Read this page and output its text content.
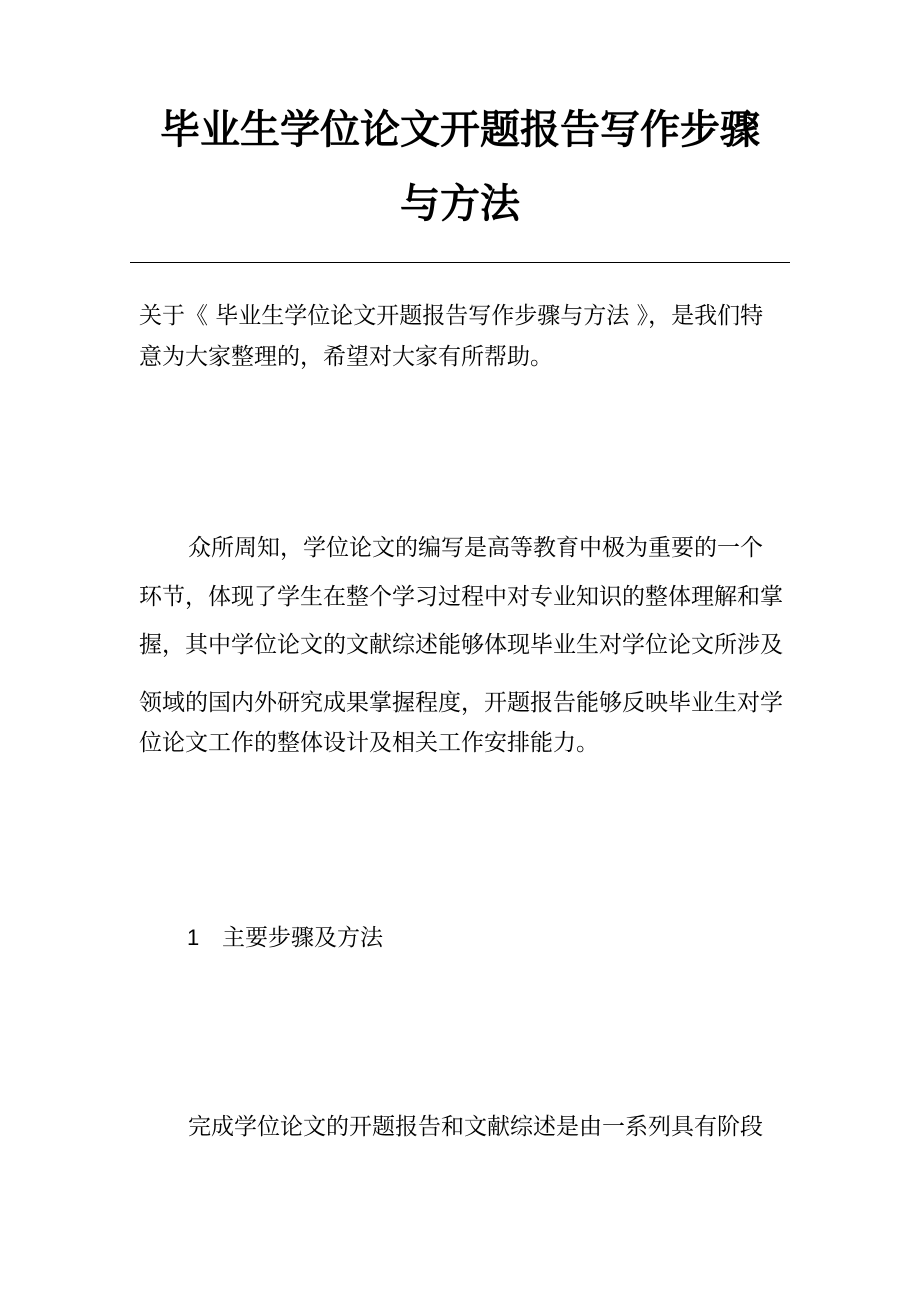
毕业生学位论文开题报告写作步骤
与方法
关于《 毕业生学位论文开题报告写作步骤与方法 》，是我们特
意为大家整理的，希望对大家有所帮助。
众所周知，学位论文的编写是高等教育中极为重要的一个
环节，体现了学生在整个学习过程中对专业知识的整体理解和掌
握，其中学位论文的文献综述能够体现毕业生对学位论文所涉及
领域的国内外研究成果掌握程度，开题报告能够反映毕业生对学
位论文工作的整体设计及相关工作安排能力。
1 主要步骤及方法
完成学位论文的开题报告和文献综述是由一系列具有阶段
